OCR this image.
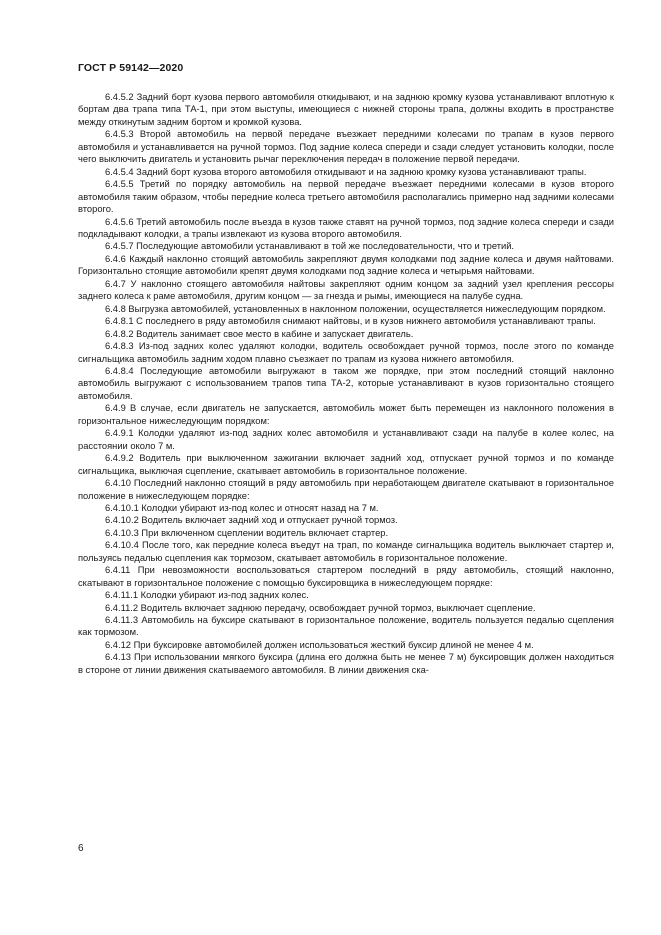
ГОСТ Р 59142—2020

6.4.5.2 Задний борт кузова первого автомобиля откидывают, и на заднюю кромку кузова устанавливают вплотную к бортам два трапа типа ТА-1, при этом выступы, имеющиеся с нижней стороны трапа, должны входить в пространстве между откинутым задним бортом и кромкой кузова.

6.4.5.3 Второй автомобиль на первой передаче въезжает передними колесами по трапам в кузов первого автомобиля и устанавливается на ручной тормоз. Под задние колеса спереди и сзади следует установить колодки, после чего выключить двигатель и установить рычаг переключения передач в положение первой передачи.

6.4.5.4 Задний борт кузова второго автомобиля откидывают и на заднюю кромку кузова устанавливают трапы.

6.4.5.5 Третий по порядку автомобиль на первой передаче въезжает передними колесами в кузов второго автомобиля таким образом, чтобы передние колеса третьего автомобиля располагались примерно над задними колесами второго.

6.4.5.6 Третий автомобиль после въезда в кузов также ставят на ручной тормоз, под задние колеса спереди и сзади подкладывают колодки, а трапы извлекают из кузова второго автомобиля.

6.4.5.7 Последующие автомобили устанавливают в той же последовательности, что и третий.

6.4.6 Каждый наклонно стоящий автомобиль закрепляют двумя колодками под задние колеса и двумя найтовами. Горизонтально стоящие автомобили крепят двумя колодками под задние колеса и четырьмя найтовами.

6.4.7 У наклонно стоящего автомобиля найтовы закрепляют одним концом за задний узел крепления рессоры заднего колеса к раме автомобиля, другим концом — за гнезда и рымы, имеющиеся на палубе судна.

6.4.8 Выгрузка автомобилей, установленных в наклонном положении, осуществляется нижеследующим порядком.

6.4.8.1 С последнего в ряду автомобиля снимают найтовы, и в кузов нижнего автомобиля устанавливают трапы.

6.4.8.2 Водитель занимает свое место в кабине и запускает двигатель.

6.4.8.3 Из-под задних колес удаляют колодки, водитель освобождает ручной тормоз, после этого по команде сигнальщика автомобиль задним ходом плавно съезжает по трапам из кузова нижнего автомобиля.

6.4.8.4 Последующие автомобили выгружают в таком же порядке, при этом последний стоящий наклонно автомобиль выгружают с использованием трапов типа ТА-2, которые устанавливают в кузов горизонтально стоящего автомобиля.

6.4.9 В случае, если двигатель не запускается, автомобиль может быть перемещен из наклонного положения в горизонтальное нижеследующим порядком:

6.4.9.1 Колодки удаляют из-под задних колес автомобиля и устанавливают сзади на палубе в колее колес, на расстоянии около 7 м.

6.4.9.2 Водитель при выключенном зажигании включает задний ход, отпускает ручной тормоз и по команде сигнальщика, выключая сцепление, скатывает автомобиль в горизонтальное положение.

6.4.10 Последний наклонно стоящий в ряду автомобиль при неработающем двигателе скатывают в горизонтальное положение в нижеследующем порядке:

6.4.10.1 Колодки убирают из-под колес и относят назад на 7 м.

6.4.10.2 Водитель включает задний ход и отпускает ручной тормоз.

6.4.10.3 При включенном сцеплении водитель включает стартер.

6.4.10.4 После того, как передние колеса въедут на трап, по команде сигнальщика водитель выключает стартер и, пользуясь педалью сцепления как тормозом, скатывает автомобиль в горизонтальное положение.

6.4.11 При невозможности воспользоваться стартером последний в ряду автомобиль, стоящий наклонно, скатывают в горизонтальное положение с помощью буксировщика в нижеследующем порядке:

6.4.11.1 Колодки убирают из-под задних колес.

6.4.11.2 Водитель включает заднюю передачу, освобождает ручной тормоз, выключает сцепление.

6.4.11.3 Автомобиль на буксире скатывают в горизонтальное положение, водитель пользуется педалью сцепления как тормозом.

6.4.12 При буксировке автомобилей должен использоваться жесткий буксир длиной не менее 4 м.

6.4.13 При использовании мягкого буксира (длина его должна быть не менее 7 м) буксировщик должен находиться в стороне от линии движения скатываемого автомобиля. В линии движения ска-

6
